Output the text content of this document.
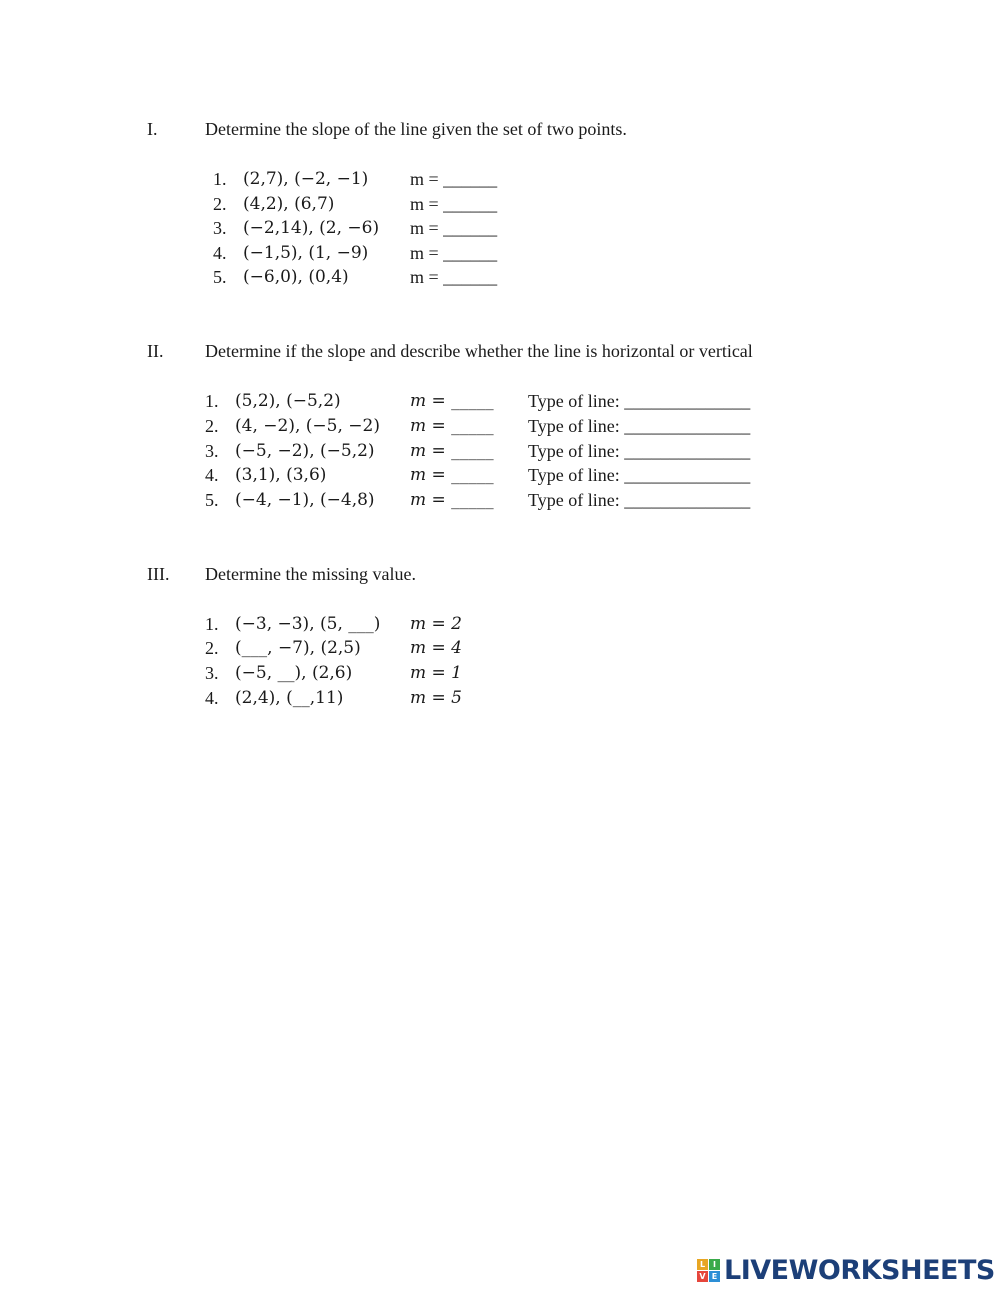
I.	Determine the slope of the line given the set of two points.
1. (2,7), (−2, −1) m = ______
2. (4,2), (6,7)	m = ______
3. (−2,14), (2, −6) m = ______
4. (−1,5), (1, −9) m = ______
5. (−6,0), (0,4)	m = ______
II. Determine if the slope and describe whether the line is horizontal or vertical
1. (5,2), (−5,2)	m = _____ Type of line: ______________
2. (4, −2), (−5, −2) m = _____ Type of line: ______________
3. (−5, −2), (−5,2) m = _____ Type of line: ______________
4. (3,1), (3,6)	m = _____ Type of line: ______________
5. (−4, −1), (−4,8) m = _____ Type of line: ______________
III. Determine the missing value.
1. (−3, −3), (5, ___) m = 2
2. (___, −7), (2,5)	m = 4
3. (−5, __), (2,6)	m = 1
4. (2,4), (__,11)	m = 5
L I
V E LIVEWORKSHEETS
